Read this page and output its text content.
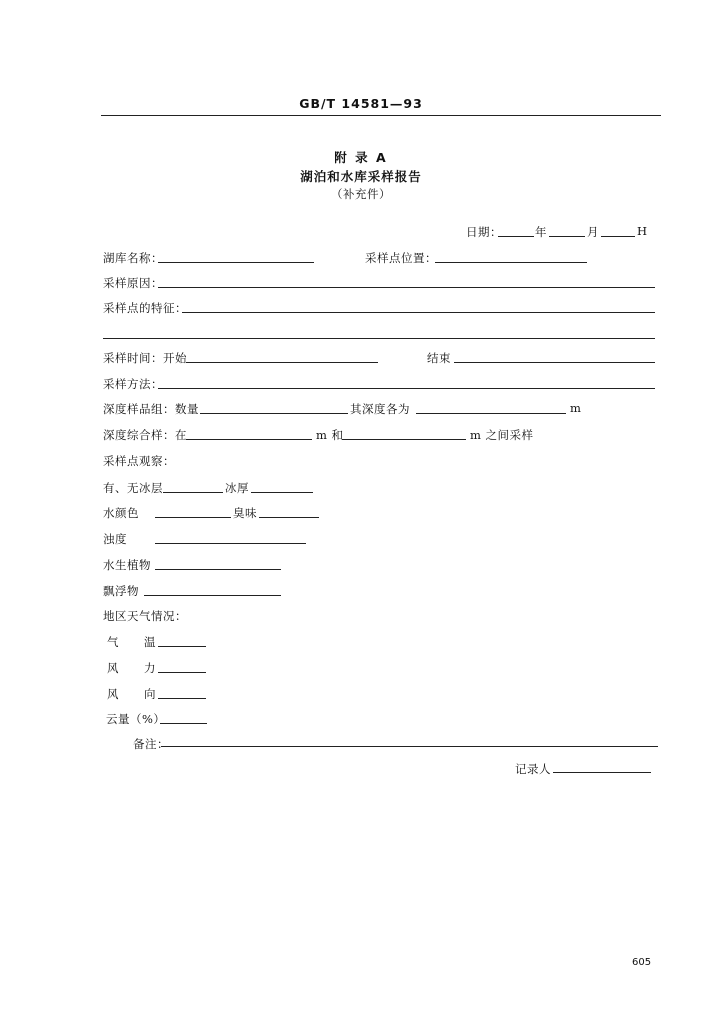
GB/T 14581—93
附 录 A
湖泊和水库采样报告
（补充件）
日期：	年	月	H
湖库名称：	采样点位置：
采样原因：
采样点的特征：
采样时间：开始	结束
采样方法：
深度样品组：数量	其深度各为	m
深度综合样：在	m 和	m 之间采样
采样点观察：
有、无冰层	冰厚
水颜色	臭味
浊度
水生植物
飘浮物
地区天气情况：
气 温
风 力
风 向
云量（%）
备注：
记录人
605
